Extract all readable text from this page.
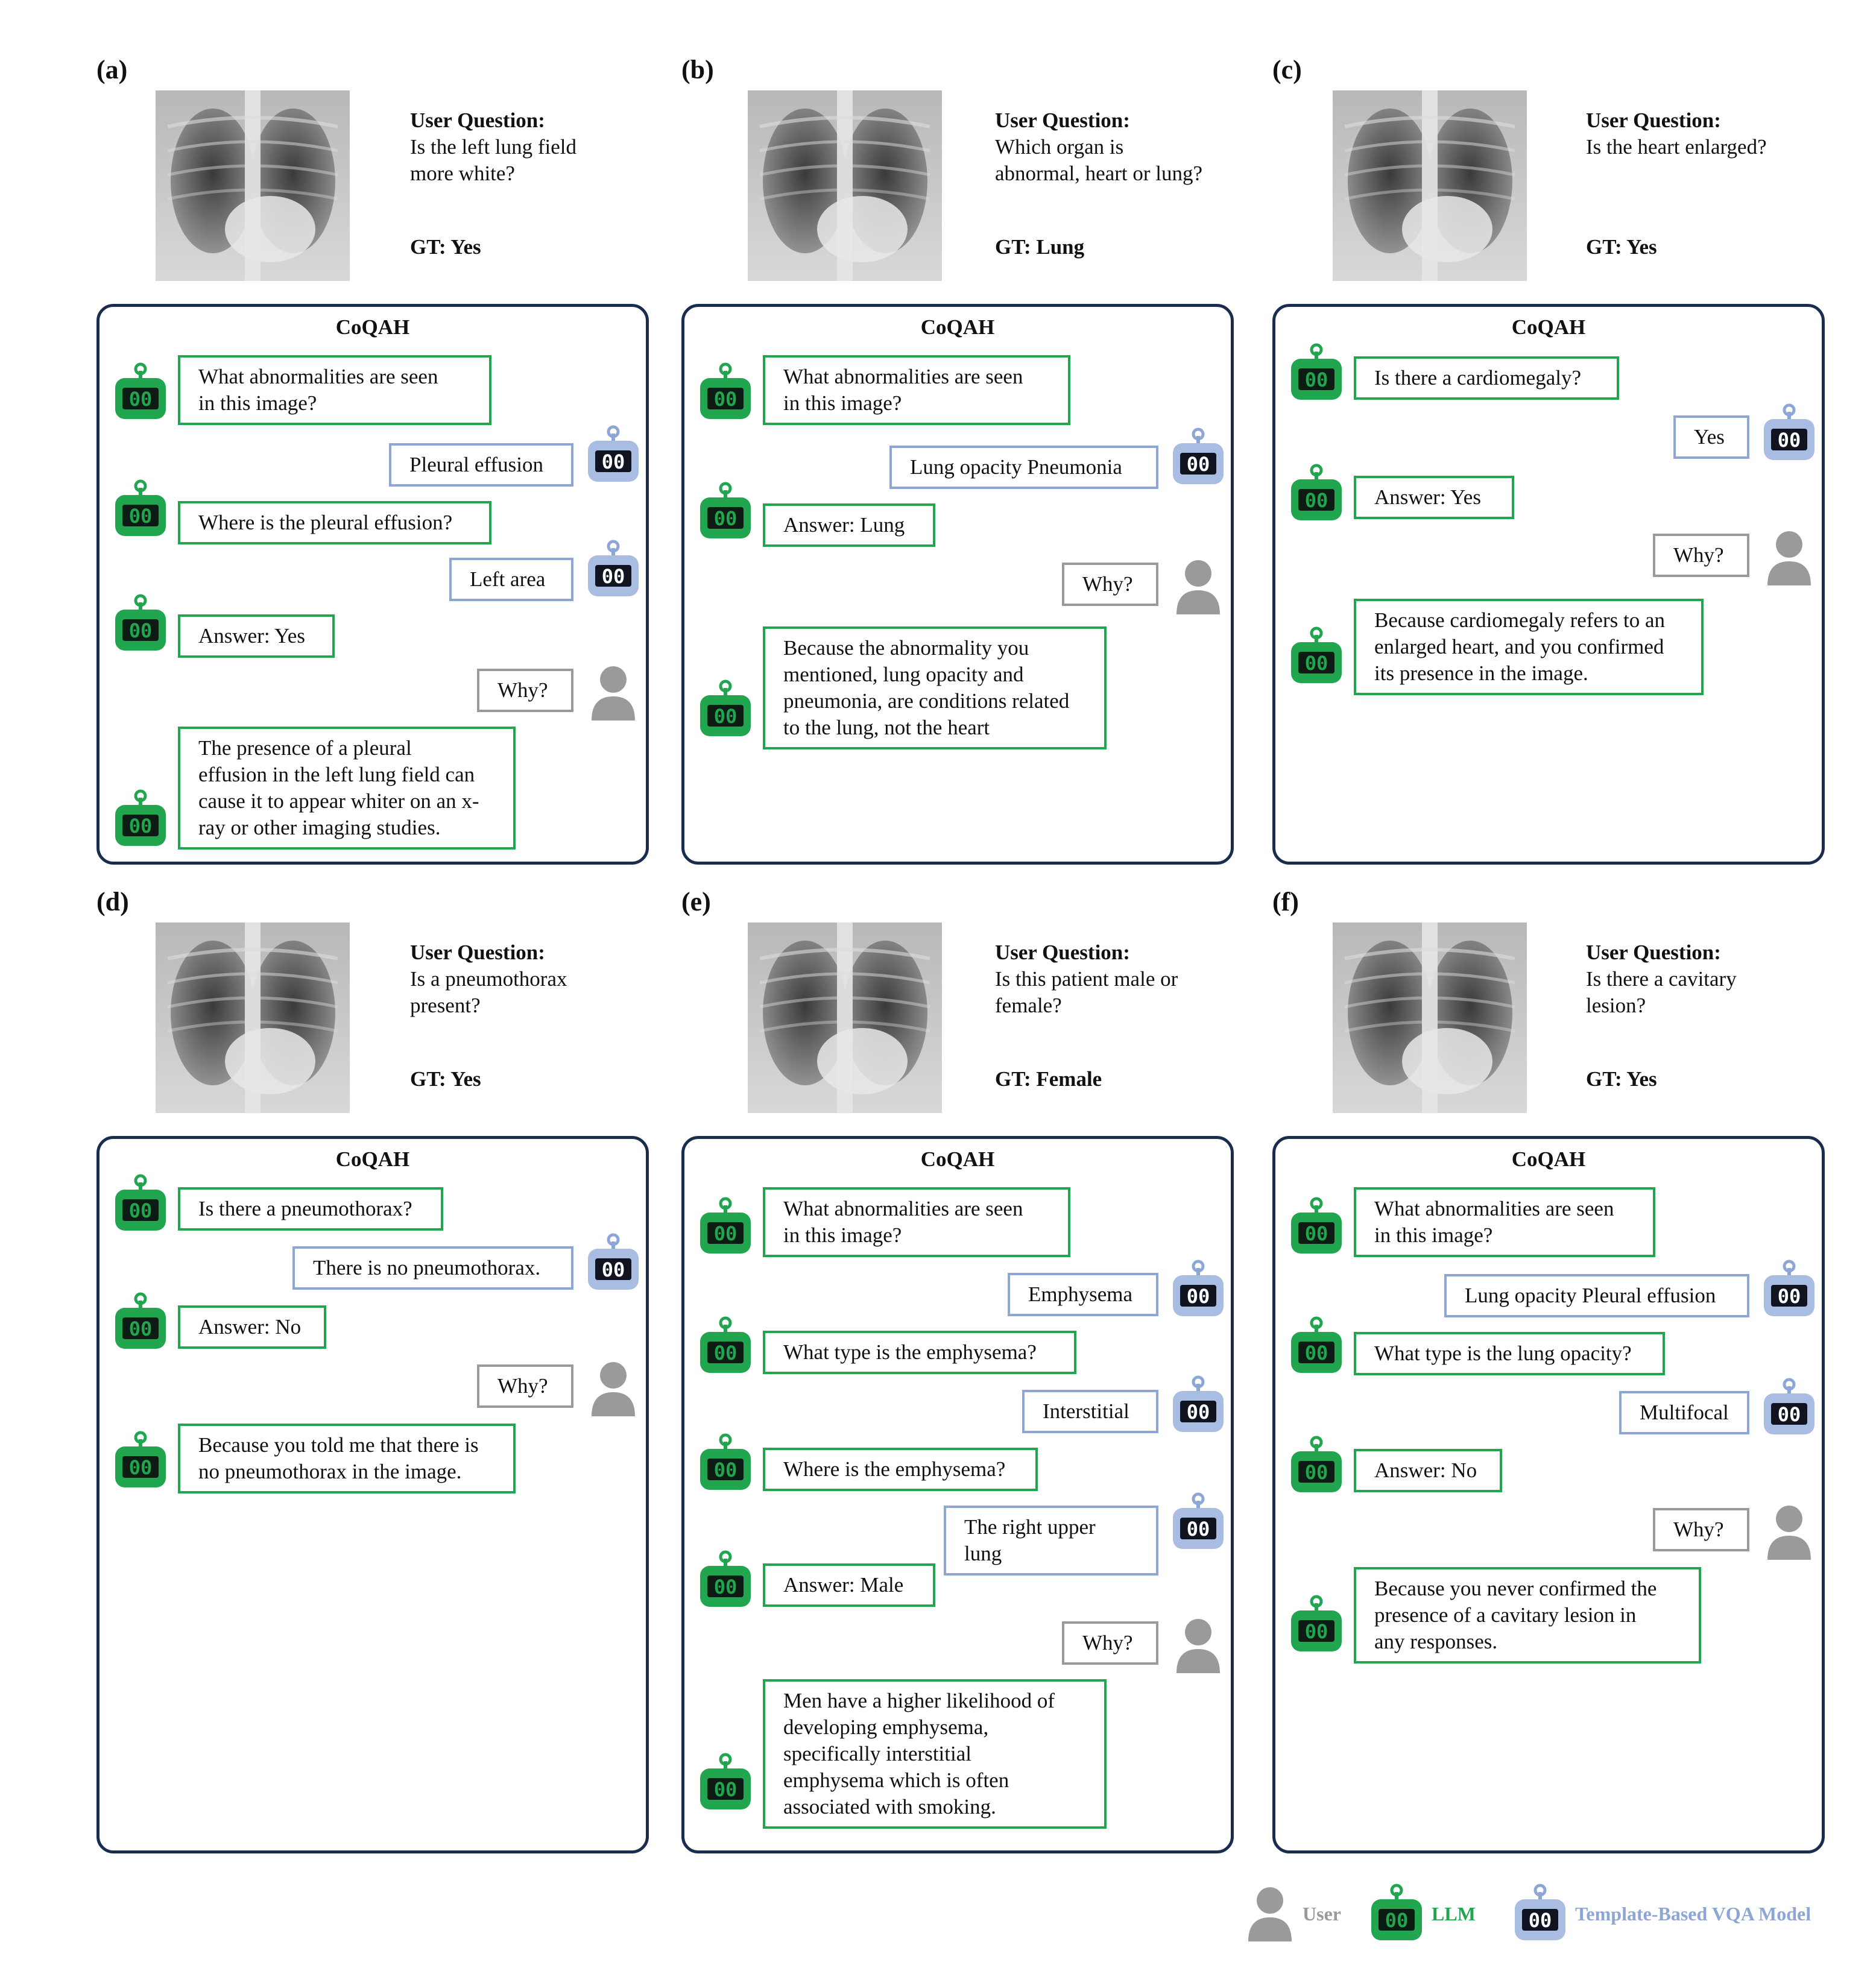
(a)
User Question:
Is the left lung field
more white?
GT: Yes
CoQAH
What abnormalities are seen
in this image?
Pleural effusion
Where is the pleural effusion?
Left area
Answer: Yes
Why?
The presence of a pleural
effusion in the left lung field can
cause it to appear whiter on an x-
ray or other imaging studies.
(b)
User Question:
Which organ is
abnormal, heart or lung?
GT: Lung
CoQAH
What abnormalities are seen
in this image?
Lung opacity Pneumonia
Answer: Lung
Why?
Because the abnormality you
mentioned, lung opacity and
pneumonia, are conditions related
to the lung, not the heart
(c)
User Question:
Is the heart enlarged?
GT: Yes
CoQAH
Is there a cardiomegaly?
Yes
Answer: Yes
Why?
Because cardiomegaly refers to an
enlarged heart, and you confirmed
its presence in the image.
(d)
User Question:
Is a pneumothorax
present?
GT: Yes
CoQAH
Is there a pneumothorax?
There is no pneumothorax.
Answer: No
Why?
Because you told me that there is
no pneumothorax in the image.
(e)
User Question:
Is this patient male or
female?
GT: Female
CoQAH
What abnormalities are seen
in this image?
Emphysema
What type is the emphysema?
Interstitial
Where is the emphysema?
The right upper lung
Answer: Male
Why?
Men have a higher likelihood of
developing emphysema,
specifically interstitial
emphysema which is often
associated with smoking.
(f)
User Question:
Is there a cavitary
lesion?
GT: Yes
CoQAH
What abnormalities are seen
in this image?
Lung opacity Pleural effusion
What type is the lung opacity?
Multifocal
Answer: No
Why?
Because you never confirmed the
presence of a cavitary lesion in
any responses.
User	LLM	Template-Based VQA Model
